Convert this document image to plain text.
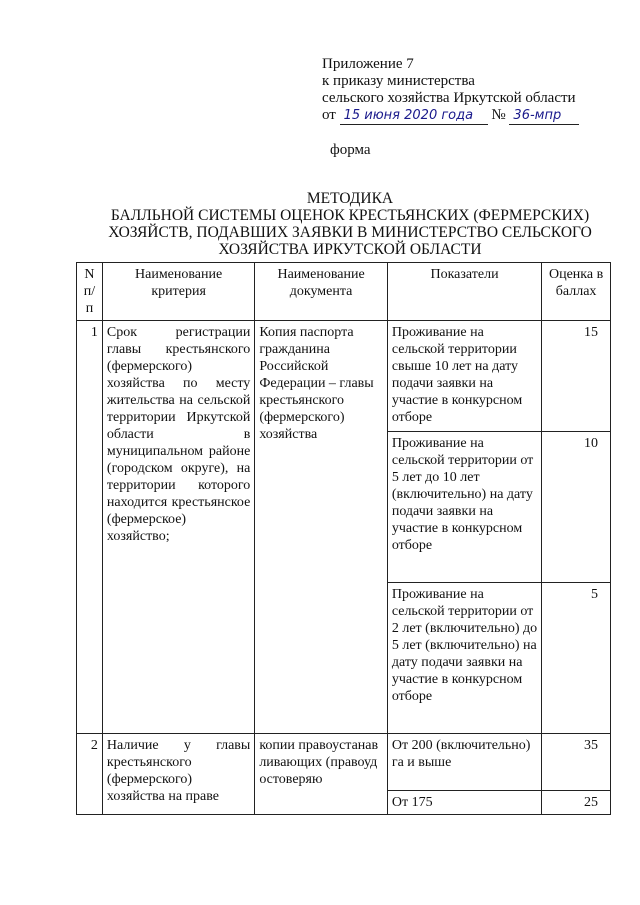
Приложение 7
к приказу министерства
сельского хозяйства Иркутской области
от 15 июня 2020 года № 36-мпр
форма
МЕТОДИКА
БАЛЛЬНОЙ СИСТЕМЫ ОЦЕНОК КРЕСТЬЯНСКИХ (ФЕРМЕРСКИХ)
ХОЗЯЙСТВ, ПОДАВШИХ ЗАЯВКИ В МИНИСТЕРСТВО СЕЛЬСКОГО
ХОЗЯЙСТВА ИРКУТСКОЙ ОБЛАСТИ
N п/ п	Наименование критерия	Наименование документа	Показатели	Оценка в баллах
1	Срок регистрации главы крестьянского (фермерского) хозяйства по месту жительства на сельской территории Иркутской области в муниципальном районе (городском округе), на территории которого находится крестьянское (фермерское) хозяйство;	Копия паспорта гражданина Российской Федерации – главы крестьянского (фермерского) хозяйства	Проживание на сельской территории свыше 10 лет на дату подачи заявки на участие в конкурсном отборе	15
			Проживание на сельской территории от 5 лет до 10 лет (включительно) на дату подачи заявки на участие в конкурсном отборе	10
			Проживание на сельской территории от 2 лет (включительно) до 5 лет (включительно) на дату подачи заявки на участие в конкурсном отборе	5
2	Наличие у главы крестьянского (фермерского) хозяйства на праве	копии правоустанавливающих (правоудостоверяю	От 200 (включительно) га и выше	35
			От 175	25
